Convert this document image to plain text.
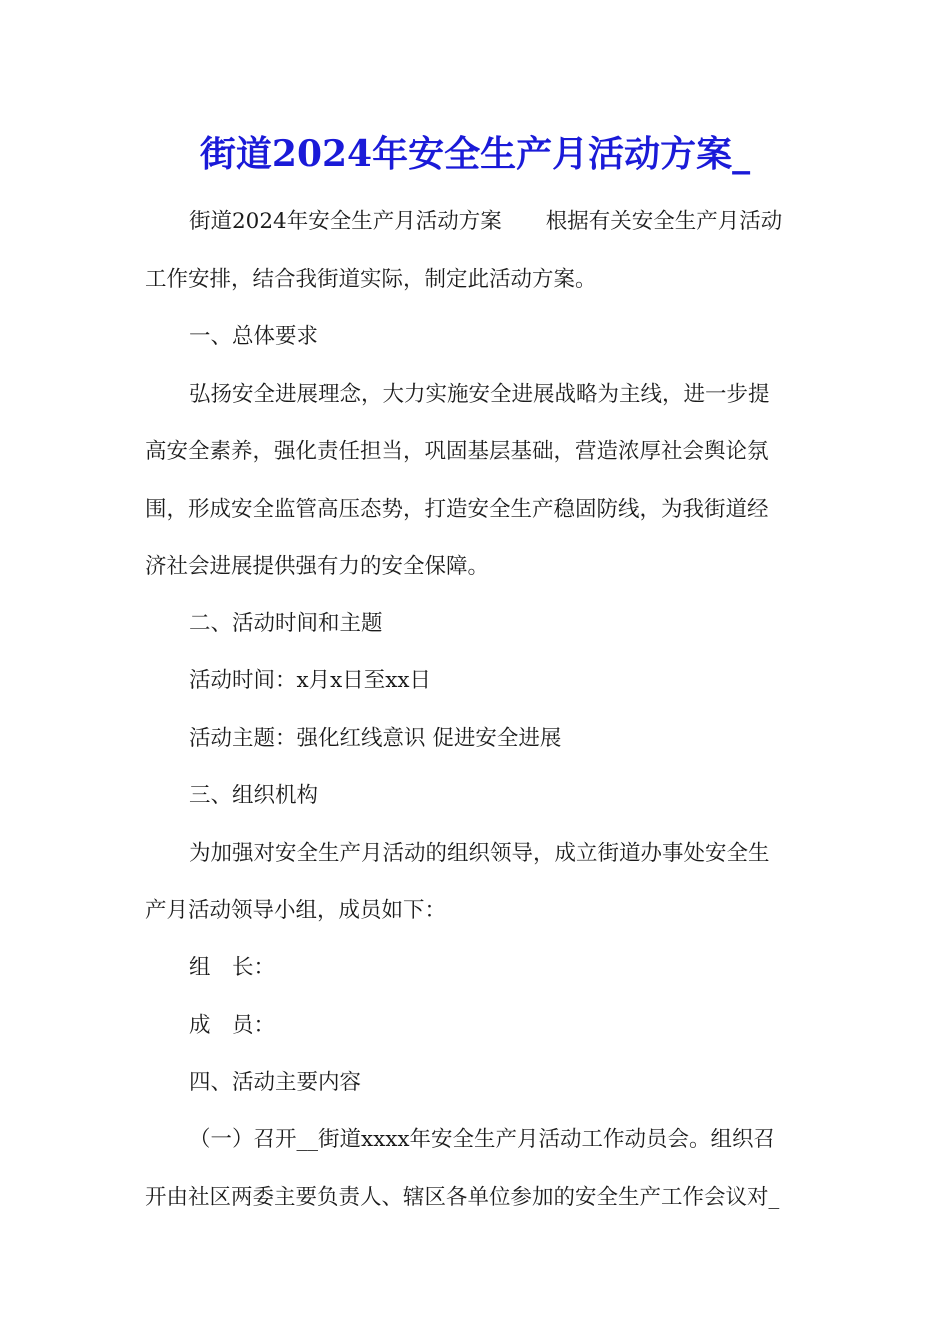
街道2024年安全生产月活动方案_
街道2024年安全生产月活动方案 根据有关安全生产月活动
工作安排，结合我街道实际，制定此活动方案。
一、总体要求
弘扬安全进展理念，大力实施安全进展战略为主线，进一步提
高安全素养，强化责任担当，巩固基层基础，营造浓厚社会舆论氛
围，形成安全监管高压态势，打造安全生产稳固防线，为我街道经
济社会进展提供强有力的安全保障。
二、活动时间和主题
活动时间：x月x日至xx日
活动主题：强化红线意识 促进安全进展
三、组织机构
为加强对安全生产月活动的组织领导，成立街道办事处安全生
产月活动领导小组，成员如下：
组　长：
成　员：
四、活动主要内容
（一）召开__街道xxxx年安全生产月活动工作动员会。组织召
开由社区两委主要负责人、辖区各单位参加的安全生产工作会议对_
